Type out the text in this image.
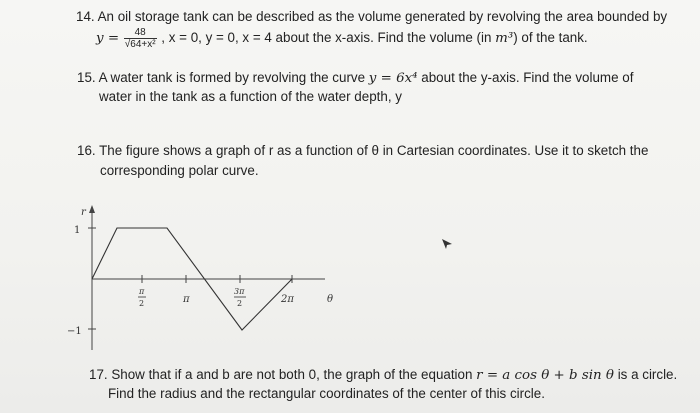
14. An oil storage tank can be described as the volume generated by revolving the area bounded by
$y = \frac{48}{\text{√64+x²}}$ , x = 0, y = 0, x = 4 about the x-axis. Find the volume (in m³) of the tank.
15. A water tank is formed by revolving the curve y = 6x⁴ about the y-axis. Find the volume of
water in the tank as a function of the water depth, y
16. The figure shows a graph of r as a function of θ in Cartesian coordinates. Use it to sketch the
corresponding polar curve.
r
1
−1
π
2	π
3π
2	2π	θ
17. Show that if a and b are not both 0, the graph of the equation r = a cos θ + b sin θ is a circle.
Find the radius and the rectangular coordinates of the center of this circle.
